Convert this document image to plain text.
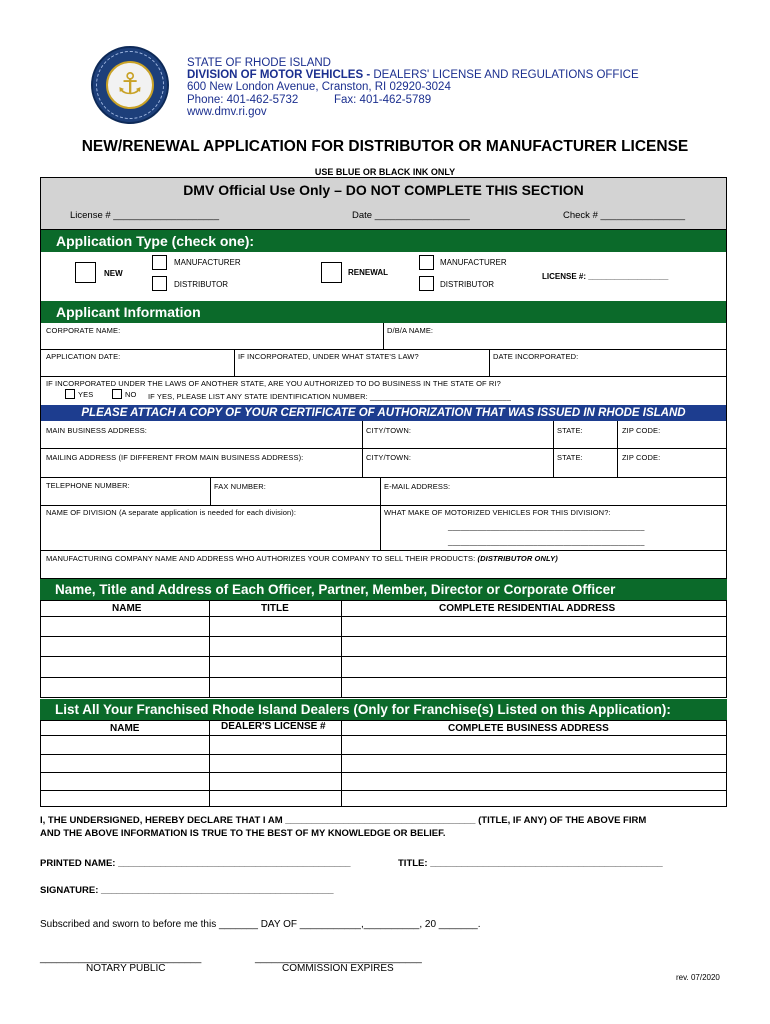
⚓
STATE OF RHODE ISLAND
DIVISION OF MOTOR VEHICLES - DEALERS' LICENSE AND REGULATIONS OFFICE
600 New London Avenue, Cranston, RI 02920-3024
Phone: 401-462-5732	Fax: 401-462-5789
www.dmv.ri.gov
NEW/RENEWAL APPLICATION FOR DISTRIBUTOR OR MANUFACTURER LICENSE
USE BLUE OR BLACK INK ONLY
DMV Official Use Only – DO NOT COMPLETE THIS SECTION
License # ____________________	Date __________________	Check # ________________
Application Type (check one):
NEW
MANUFACTURER
DISTRIBUTOR
RENEWAL
MANUFACTURER
DISTRIBUTOR
LICENSE #: __________________
Applicant Information
CORPORATE NAME:	D/B/A NAME:
APPLICATION DATE:	IF INCORPORATED, UNDER WHAT STATE'S LAW?	DATE INCORPORATED:
IF INCORPORATED UNDER THE LAWS OF ANOTHER STATE, ARE YOU AUTHORIZED TO DO BUSINESS IN THE STATE OF RI?
YES	NO IF YES, PLEASE LIST ANY STATE IDENTIFICATION NUMBER: _________________________________
PLEASE ATTACH A COPY OF YOUR CERTIFICATE OF AUTHORIZATION THAT WAS ISSUED IN RHODE ISLAND
MAIN BUSINESS ADDRESS:	CITY/TOWN:	STATE:	ZIP CODE:
MAILING ADDRESS (IF DIFFERENT FROM MAIN BUSINESS ADDRESS):	CITY/TOWN:	STATE:	ZIP CODE:
TELEPHONE NUMBER:	FAX NUMBER:	E-MAIL ADDRESS:
NAME OF DIVISION (A separate application is needed for each division):	WHAT MAKE OF MOTORIZED VEHICLES FOR THIS DIVISION?:
______________________________________________
______________________________________________
MANUFACTURING COMPANY NAME AND ADDRESS WHO AUTHORIZES YOUR COMPANY TO SELL THEIR PRODUCTS: (DISTRIBUTOR ONLY)
Name, Title and Address of Each Officer, Partner, Member, Director or Corporate Officer
NAME	TITLE	COMPLETE RESIDENTIAL ADDRESS
List All Your Franchised Rhode Island Dealers (Only for Franchise(s) Listed on this Application):
NAME	DEALER'S LICENSE #	COMPLETE BUSINESS ADDRESS
I, THE UNDERSIGNED, HEREBY DECLARE THAT I AM ____________________________________ (TITLE, IF ANY) OF THE ABOVE FIRM
AND THE ABOVE INFORMATION IS TRUE TO THE BEST OF MY KNOWLEDGE OR BELIEF.
PRINTED NAME: ____________________________________________	TITLE: ____________________________________________
SIGNATURE: ____________________________________________
Subscribed and sworn to before me this _______ DAY OF ___________,__________, 20 _______.
_____________________________
NOTARY PUBLIC
______________________________
COMMISSION EXPIRES
rev. 07/2020
